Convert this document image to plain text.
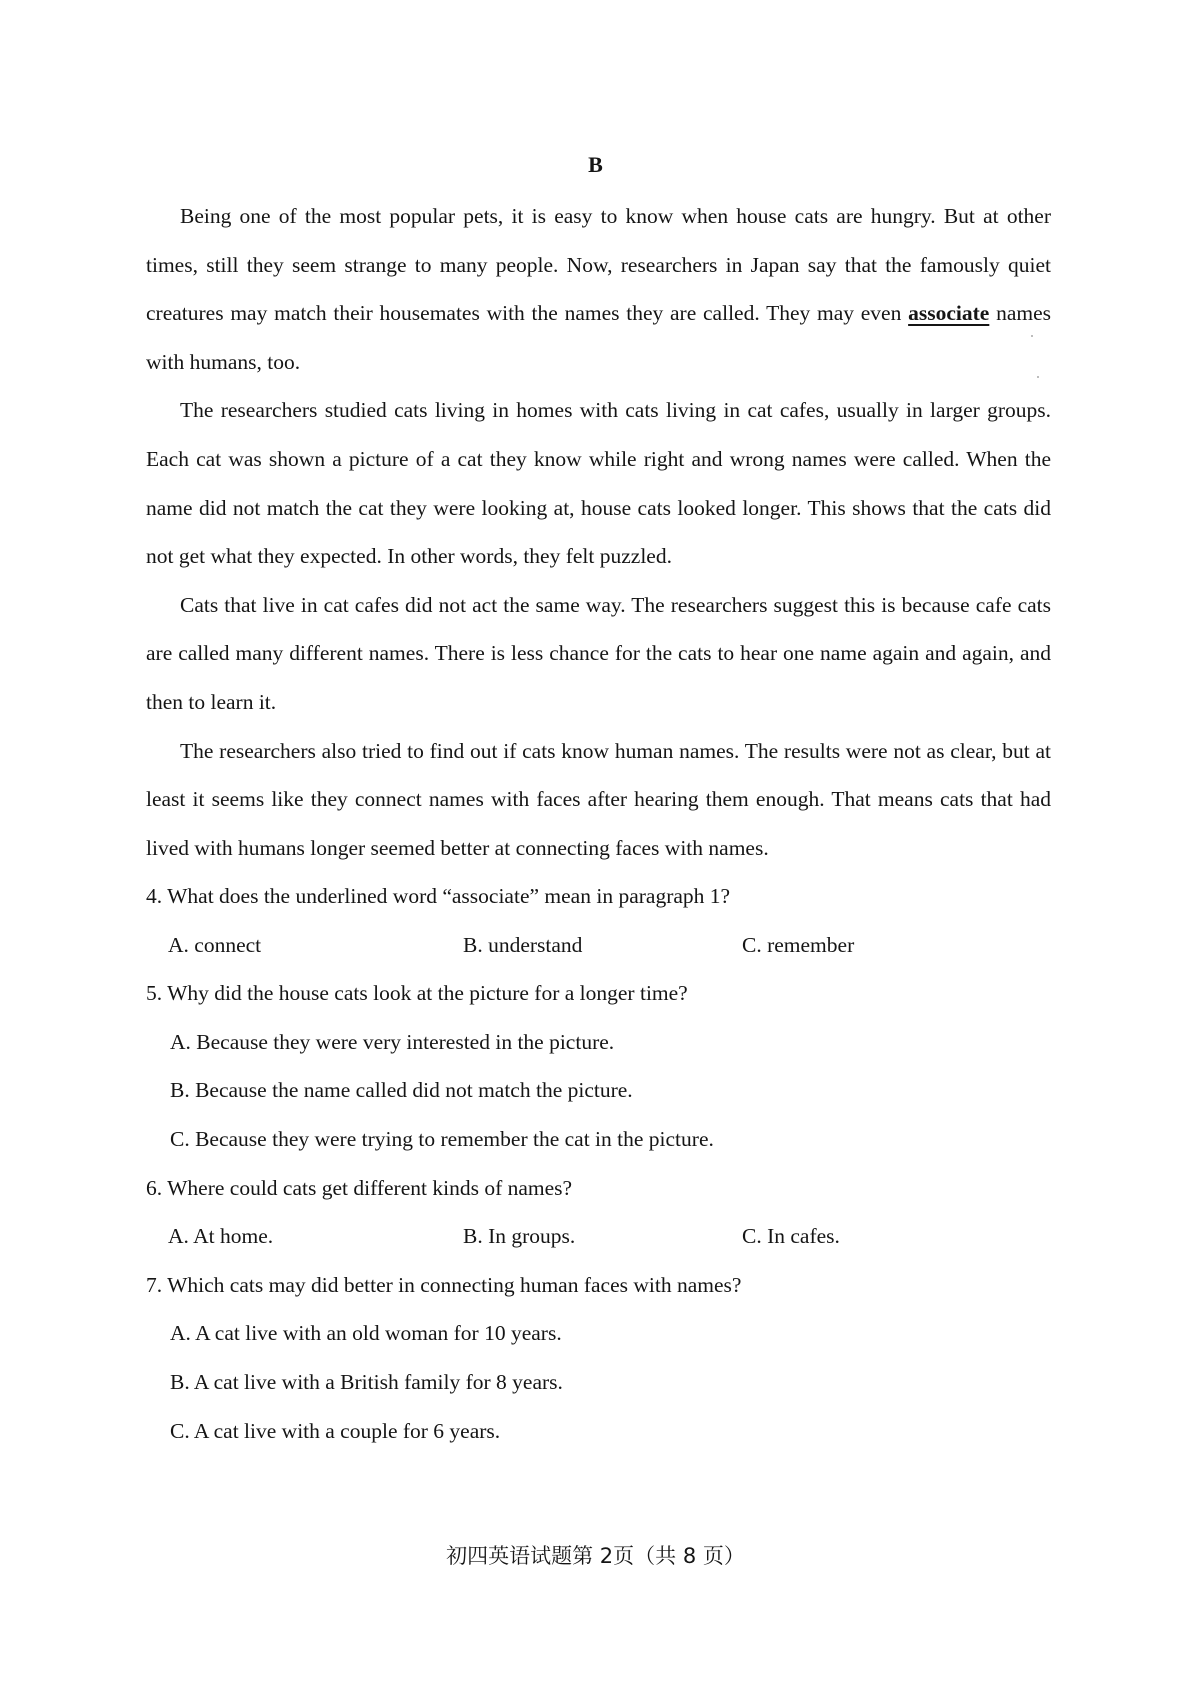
B

Being one of the most popular pets, it is easy to know when house cats are hungry. But at other times, still they seem strange to many people. Now, researchers in Japan say that the famously quiet creatures may match their housemates with the names they are called. They may even associate names with humans, too.

The researchers studied cats living in homes with cats living in cat cafes, usually in larger groups. Each cat was shown a picture of a cat they know while right and wrong names were called. When the name did not match the cat they were looking at, house cats looked longer. This shows that the cats did not get what they expected. In other words, they felt puzzled.

Cats that live in cat cafes did not act the same way. The researchers suggest this is because cafe cats are called many different names. There is less chance for the cats to hear one name again and again, and then to learn it.

The researchers also tried to find out if cats know human names. The results were not as clear, but at least it seems like they connect names with faces after hearing them enough. That means cats that had lived with humans longer seemed better at connecting faces with names.

4. What does the underlined word “associate” mean in paragraph 1?

A. connect	B. understand	C. remember

5. Why did the house cats look at the picture for a longer time?

A. Because they were very interested in the picture.

B. Because the name called did not match the picture.

C. Because they were trying to remember the cat in the picture.

6. Where could cats get different kinds of names?

A. At home.	B. In groups.	C. In cafes.

7. Which cats may did better in connecting human faces with names?

A. A cat live with an old woman for 10 years.

B. A cat live with a British family for 8 years.

C. A cat live with a couple for 6 years.

初四英语试题第 2页（共 8 页）
